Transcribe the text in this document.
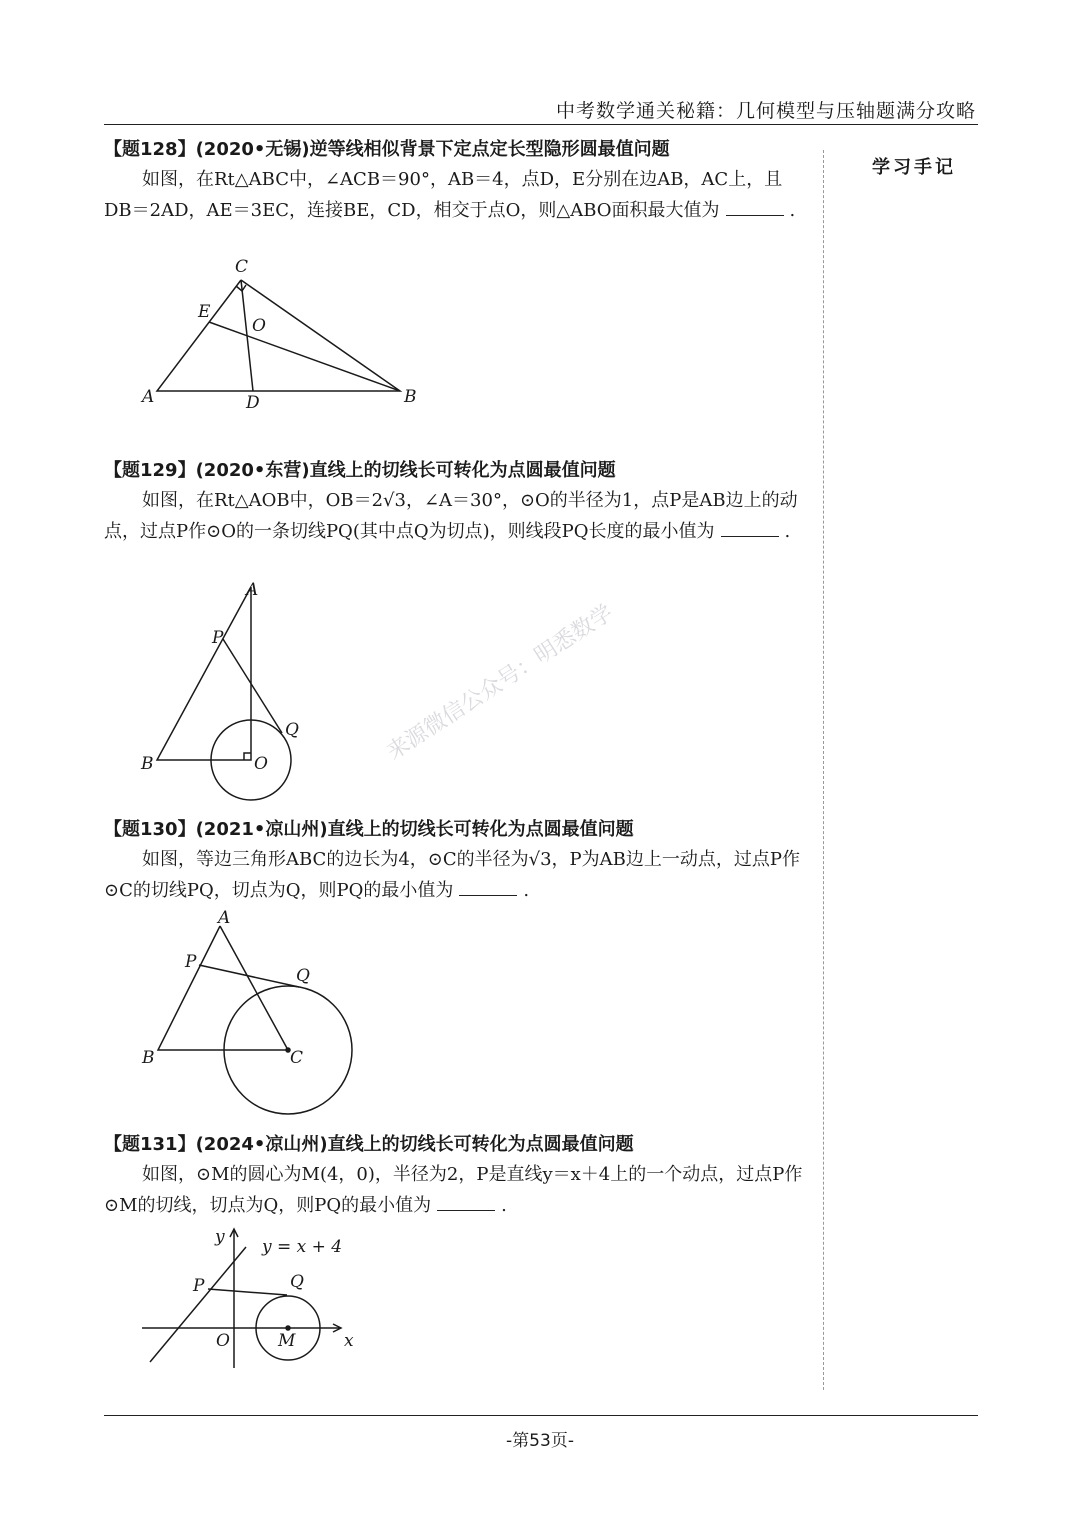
中考数学通关秘籍：几何模型与压轴题满分攻略
学习手记
【题128】(2020•无锡)逆等线相似背景下定点定长型隐形圆最值问题

如图，在Rt△ABC中，∠ACB＝90°，AB＝4，点D，E分别在边AB，AC上，且DB＝2AD，AE＝3EC，连接BE，CD，相交于点O，则△ABO面积最大值为	.

C
E
O
A	D	B
【题129】(2020•东营)直线上的切线长可转化为点圆最值问题

如图，在Rt△AOB中，OB＝2√3，∠A＝30°，⊙O的半径为1，点P是AB边上的动点，过点P作⊙O的一条切线PQ(其中点Q为切点)，则线段PQ长度的最小值为	.

A
P
Q
B	O
【题130】(2021•凉山州)直线上的切线长可转化为点圆最值问题

如图，等边三角形ABC的边长为4，⊙C的半径为√3，P为AB边上一动点，过点P作⊙C的切线PQ，切点为Q，则PQ的最小值为	.

A
P
Q
B	C
【题131】(2024•凉山州)直线上的切线长可转化为点圆最值问题

如图，⊙M的圆心为M(4，0)，半径为2，P是直线y＝x＋4上的一个动点，过点P作⊙M的切线，切点为Q，则PQ的最小值为	.

y y = x + 4
P	Q
O	M	x
来源微信公众号：明悉数学
-第53页-
